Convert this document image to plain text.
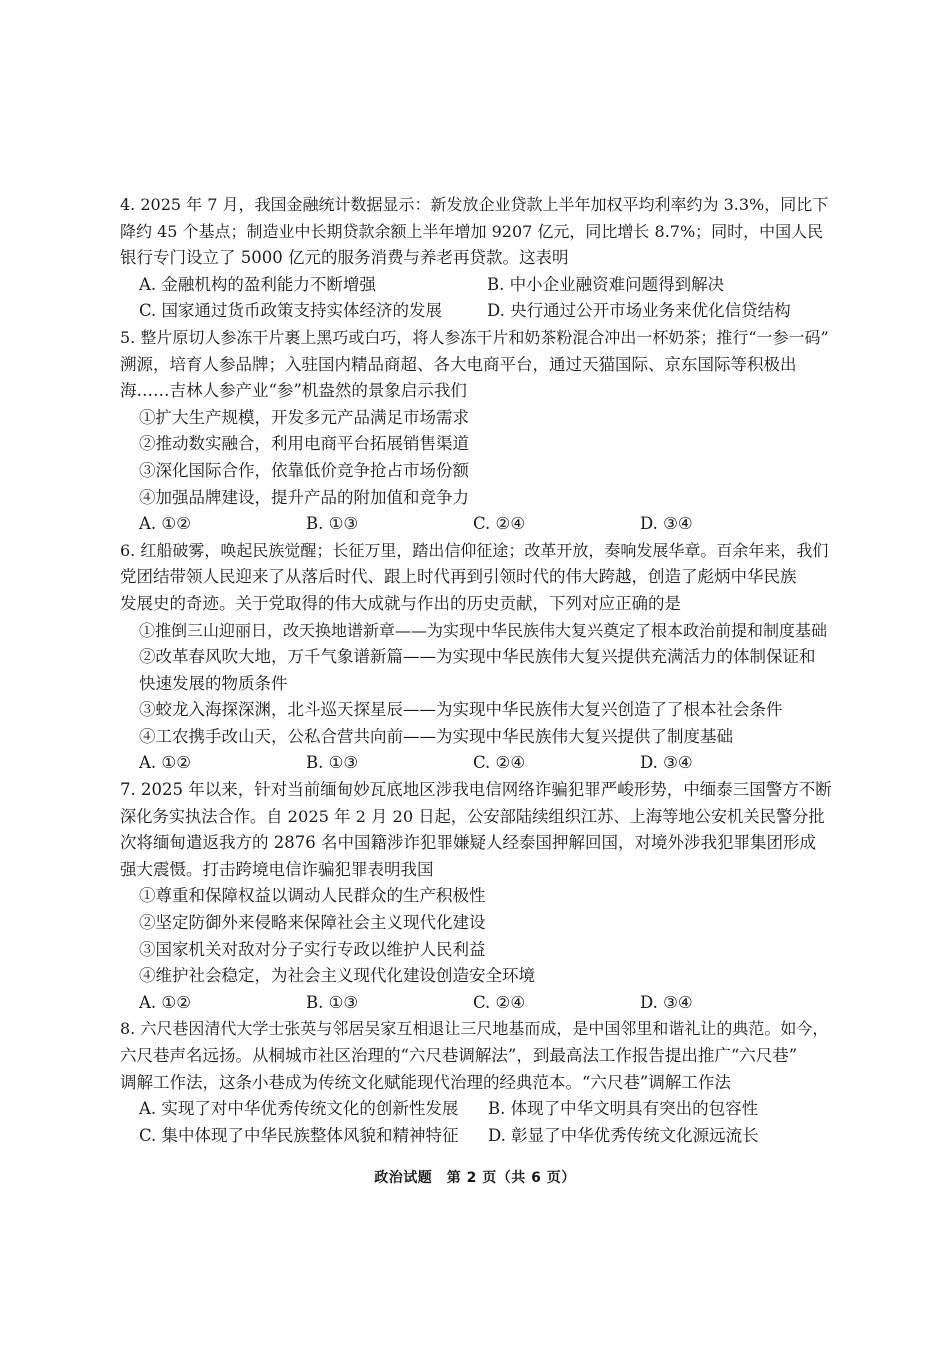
4. 2025 年 7 月，我国金融统计数据显示：新发放企业贷款上半年加权平均利率约为 3.3%，同比下
降约 45 个基点；制造业中长期贷款余额上半年增加 9207 亿元，同比增长 8.7%；同时，中国人民
银行专门设立了 5000 亿元的服务消费与养老再贷款。这表明
A. 金融机构的盈利能力不断增强	B. 中小企业融资难问题得到解决
C. 国家通过货币政策支持实体经济的发展	D. 央行通过公开市场业务来优化信贷结构
5. 整片原切人参冻干片裹上黑巧或白巧，将人参冻干片和奶茶粉混合冲出一杯奶茶；推行“一参一码”
溯源，培育人参品牌；入驻国内精品商超、各大电商平台，通过天猫国际、京东国际等积极出
海……吉林人参产业“参”机盎然的景象启示我们
①扩大生产规模，开发多元产品满足市场需求
②推动数实融合，利用电商平台拓展销售渠道
③深化国际合作，依靠低价竞争抢占市场份额
④加强品牌建设，提升产品的附加值和竞争力
A. ①②	B. ①③	C. ②④	D. ③④
6. 红船破雾，唤起民族觉醒；长征万里，踏出信仰征途；改革开放，奏响发展华章。百余年来，我们
党团结带领人民迎来了从落后时代、跟上时代再到引领时代的伟大跨越，创造了彪炳中华民族
发展史的奇迹。关于党取得的伟大成就与作出的历史贡献，下列对应正确的是
①推倒三山迎丽日，改天换地谱新章——为实现中华民族伟大复兴奠定了根本政治前提和制度基础
②改革春风吹大地，万千气象谱新篇——为实现中华民族伟大复兴提供充满活力的体制保证和
快速发展的物质条件
③蛟龙入海探深渊，北斗巡天探星辰——为实现中华民族伟大复兴创造了了根本社会条件
④工农携手改山天，公私合营共向前——为实现中华民族伟大复兴提供了制度基础
A. ①②	B. ①③	C. ②④	D. ③④
7. 2025 年以来，针对当前缅甸妙瓦底地区涉我电信网络诈骗犯罪严峻形势，中缅泰三国警方不断
深化务实执法合作。自 2025 年 2 月 20 日起，公安部陆续组织江苏、上海等地公安机关民警分批
次将缅甸遣返我方的 2876 名中国籍涉诈犯罪嫌疑人经泰国押解回国，对境外涉我犯罪集团形成
强大震慑。打击跨境电信诈骗犯罪表明我国
①尊重和保障权益以调动人民群众的生产积极性
②坚定防御外来侵略来保障社会主义现代化建设
③国家机关对敌对分子实行专政以维护人民利益
④维护社会稳定，为社会主义现代化建设创造安全环境
A. ①②	B. ①③	C. ②④	D. ③④
8. 六尺巷因清代大学士张英与邻居吴家互相退让三尺地基而成，是中国邻里和谐礼让的典范。如今，
六尺巷声名远扬。从桐城市社区治理的“六尺巷调解法”，到最高法工作报告提出推广“六尺巷”
调解工作法，这条小巷成为传统文化赋能现代治理的经典范本。“六尺巷”调解工作法
A. 实现了对中华优秀传统文化的创新性发展	B. 体现了中华文明具有突出的包容性
C. 集中体现了中华民族整体风貌和精神特征	D. 彰显了中华优秀传统文化源远流长
政治试题　第 2 页（共 6 页）
